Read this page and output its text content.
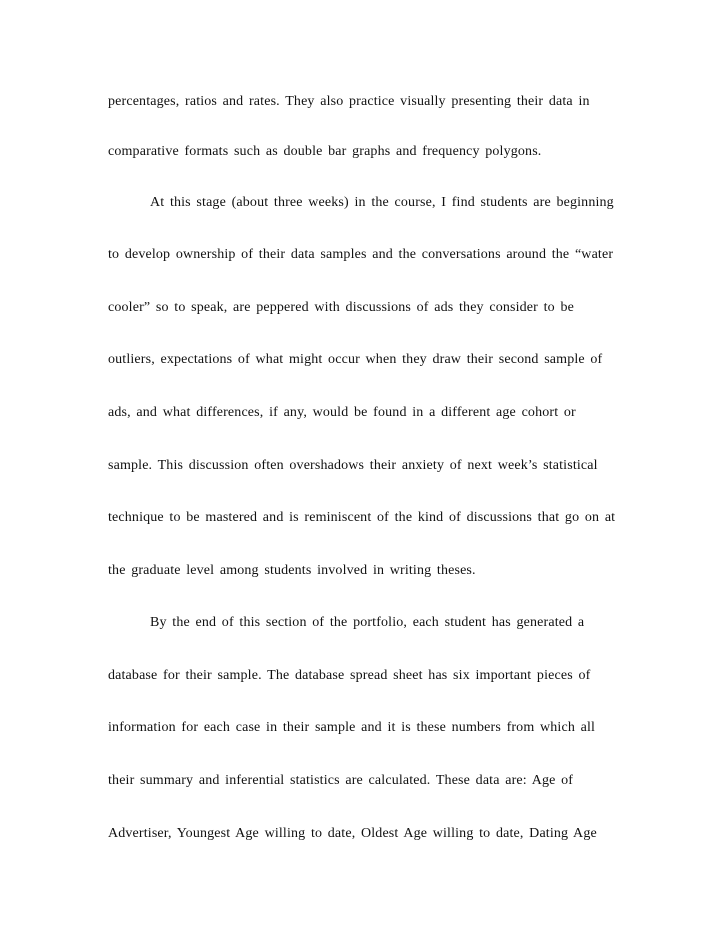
percentages, ratios and rates. They also practice visually presenting their data in
comparative formats such as double bar graphs and frequency polygons.
At this stage (about three weeks) in the course, I find students are beginning
to develop ownership of their data samples and the conversations around the “water
cooler” so to speak, are peppered with discussions of ads they consider to be
outliers, expectations of what might occur when they draw their second sample of
ads, and what differences, if any, would be found in a different age cohort or
sample. This discussion often overshadows their anxiety of next week’s statistical
technique to be mastered and is reminiscent of the kind of discussions that go on at
the graduate level among students involved in writing theses.
By the end of this section of the portfolio, each student has generated a
database for their sample. The database spread sheet has six important pieces of
information for each case in their sample and it is these numbers from which all
their summary and inferential statistics are calculated. These data are: Age of
Advertiser, Youngest Age willing to date, Oldest Age willing to date, Dating Age
